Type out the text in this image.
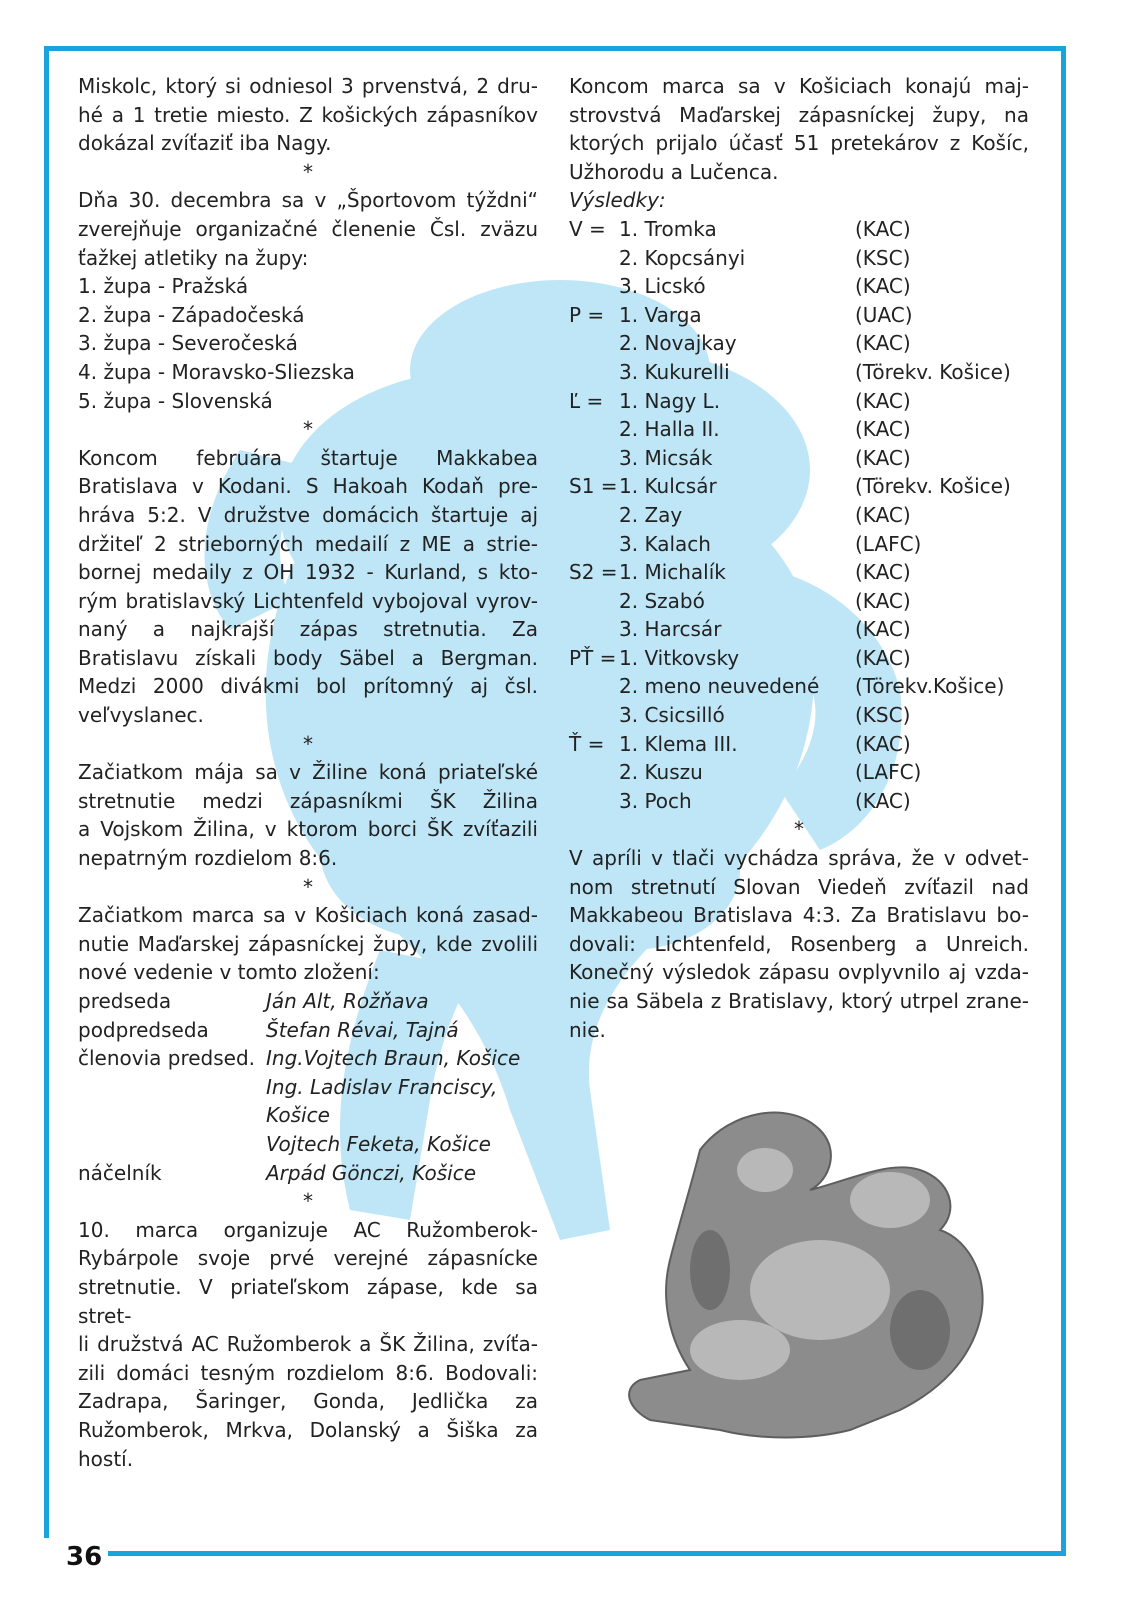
36

Miskolc, ktorý si odniesol 3 prvenstvá, 2 dru-
hé a 1 tretie miesto. Z košických zápasníkov
dokázal zvíťaziť iba Nagy.

*

Dňa 30. decembra sa v „Športovom týždni“
zverejňuje organizačné členenie Čsl. zväzu
ťažkej atletiky na župy:

1. župa - Pražská
2. župa - Západočeská
3. župa - Severočeská
4. župa - Moravsko-Sliezska
5. župa - Slovenská

*

Koncom februára štartuje Makkabea
Bratislava v Kodani. S Hakoah Kodaň pre-
hráva 5:2. V družstve domácich štartuje aj
držiteľ 2 strieborných medailí z ME a strie-
bornej medaily z OH 1932 - Kurland, s kto-
rým bratislavský Lichtenfeld vybojoval vyrov-
naný a najkrajší zápas stretnutia. Za
Bratislavu získali body Säbel a Bergman.
Medzi 2000 divákmi bol prítomný aj čsl.
veľvyslanec.

*

Začiatkom mája sa v Žiline koná priateľské
stretnutie medzi zápasníkmi ŠK Žilina
a Vojskom Žilina, v ktorom borci ŠK zvíťazili
nepatrným rozdielom 8:6.

*

Začiatkom marca sa v Košiciach koná zasad-
nutie Maďarskej zápasníckej župy, kde zvolili
nové vedenie v tomto zložení:

predseda	Ján Alt, Rožňava
podpredseda	Štefan Révai, Tajná
členovia predsed. Ing.Vojtech Braun, Košice
Ing. Ladislav Franciscy, Košice
Vojtech Feketa, Košice
náčelník	Arpád Gönczi, Košice

*

10. marca organizuje AC Ružomberok-
Rybárpole svoje prvé verejné zápasnícke
stretnutie. V priateľskom zápase, kde sa stret-
li družstvá AC Ružomberok a ŠK Žilina, zvíťa-
zili domáci tesným rozdielom 8:6. Bodovali:
Zadrapa, Šaringer, Gonda, Jedlička za
Ružomberok, Mrkva, Dolanský a Šiška za
hostí.

Koncom marca sa v Košiciach konajú maj-
strovstvá Maďarskej zápasníckej župy, na
ktorých prijalo účasť 51 pretekárov z Košíc,
Užhorodu a Lučenca.

Výsledky:
V = 1. Tromka	(KAC)
2. Kopcsányi	(KSC)
3. Licskó	(KAC)
P = 1. Varga	(UAC)
2. Novajkay	(KAC)
3. Kukurelli	(Törekv. Košice)
Ľ = 1. Nagy L.	(KAC)
2. Halla II.	(KAC)
3. Micsák	(KAC)
S1 = 1. Kulcsár	(Törekv. Košice)
2. Zay	(KAC)
3. Kalach	(LAFC)
S2 = 1. Michalík	(KAC)
2. Szabó	(KAC)
3. Harcsár	(KAC)
PŤ = 1. Vitkovsky	(KAC)
2. meno neuvedené	(Törekv.Košice)
3. Csicsilló	(KSC)
Ť = 1. Klema III.	(KAC)
2. Kuszu	(LAFC)
3. Poch	(KAC)

*

V apríli v tlači vychádza správa, že v odvet-
nom stretnutí Slovan Viedeň zvíťazil nad
Makkabeou Bratislava 4:3. Za Bratislavu bo-
dovali: Lichtenfeld, Rosenberg a Unreich.
Konečný výsledok zápasu ovplyvnilo aj vzda-
nie sa Säbela z Bratislavy, ktorý utrpel zrane-
nie.
